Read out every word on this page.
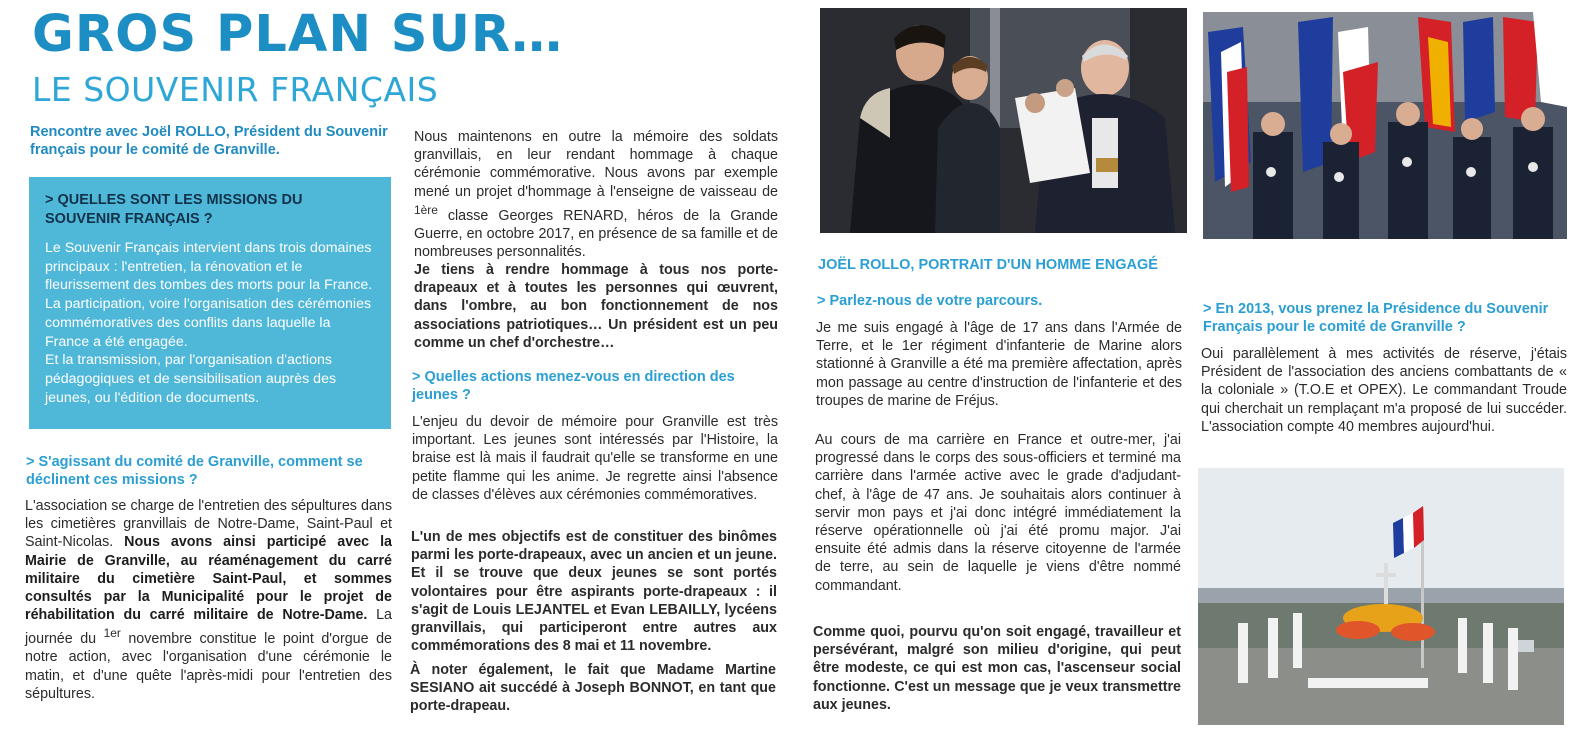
GROS PLAN SUR…
LE SOUVENIR FRANÇAIS
Rencontre avec Joël ROLLO, Président du Souvenir français pour le comité de Granville.
> QUELLES SONT LES MISSIONS DU SOUVENIR FRANÇAIS ?
Le Souvenir Français intervient dans trois domaines principaux : l'entretien, la rénovation et le fleurissement des tombes des morts pour la France. La participation, voire l'organisation des cérémonies commémoratives des conflits dans laquelle la France a été engagée.
Et la transmission, par l'organisation d'actions pédagogiques et de sensibilisation auprès des jeunes, ou l'édition de documents.
> S'agissant du comité de Granville, comment se déclinent ces missions ?
L'association se charge de l'entretien des sépultures dans les cimetières granvillais de Notre-Dame, Saint-Paul et Saint-Nicolas. Nous avons ainsi participé avec la Mairie de Granville, au réaménagement du carré militaire du cimetière Saint-Paul, et sommes consultés par la Municipalité pour le projet de réhabilitation du carré militaire de Notre-Dame. La journée du $^{1er}$ novembre constitue le point d'orgue de notre action, avec l'organisation d'une cérémonie le matin, et d'une quête l'après-midi pour l'entretien des sépultures.
Nous maintenons en outre la mémoire des soldats granvillais, en leur rendant hommage à chaque cérémonie commémorative. Nous avons par exemple mené un projet d'hommage à l'enseigne de vaisseau de $^{1ère}$ classe Georges RENARD, héros de la Grande Guerre, en octobre 2017, en présence de sa famille et de nombreuses personnalités.
Je tiens à rendre hommage à tous nos porte-drapeaux et à toutes les personnes qui œuvrent, dans l'ombre, au bon fonctionnement de nos associations patriotiques… Un président est un peu comme un chef d'orchestre…
> Quelles actions menez-vous en direction des jeunes ?
L'enjeu du devoir de mémoire pour Granville est très important. Les jeunes sont intéressés par l'Histoire, la braise est là mais il faudrait qu'elle se transforme en une petite flamme qui les anime. Je regrette ainsi l'absence de classes d'élèves aux cérémonies commémoratives.
L'un de mes objectifs est de constituer des binômes parmi les porte-drapeaux, avec un ancien et un jeune. Et il se trouve que deux jeunes se sont portés volontaires pour être aspirants porte-drapeaux : il s'agit de Louis LEJANTEL et Evan LEBAILLY, lycéens granvillais, qui participeront entre autres aux commémorations des 8 mai et 11 novembre.
À noter également, le fait que Madame Martine SESIANO ait succédé à Joseph BONNOT, en tant que porte-drapeau.
JOËL ROLLO, PORTRAIT D'UN HOMME ENGAGÉ
> Parlez-nous de votre parcours.
Je me suis engagé à l'âge de 17 ans dans l'Armée de Terre, et le 1er régiment d'infanterie de Marine alors stationné à Granville a été ma première affectation, après mon passage au centre d'instruction de l'infanterie et des troupes de marine de Fréjus.
Au cours de ma carrière en France et outre-mer, j'ai progressé dans le corps des sous-officiers et terminé ma carrière dans l'armée active avec le grade d'adjudant-chef, à l'âge de 47 ans. Je souhaitais alors continuer à servir mon pays et j'ai donc intégré immédiatement la réserve opérationnelle où j'ai été promu major. J'ai ensuite été admis dans la réserve citoyenne de l'armée de terre, au sein de laquelle je viens d'être nommé commandant.
Comme quoi, pourvu qu'on soit engagé, travailleur et persévérant, malgré son milieu d'origine, qui peut être modeste, ce qui est mon cas, l'ascenseur social fonctionne. C'est un message que je veux transmettre aux jeunes.
> En 2013, vous prenez la Présidence du Souvenir Français pour le comité de Granville ?
Oui parallèlement à mes activités de réserve, j'étais Président de l'association des anciens combattants de « la coloniale » (T.O.E et OPEX). Le commandant Troude qui cherchait un remplaçant m'a proposé de lui succéder. L'association compte 40 membres aujourd'hui.
